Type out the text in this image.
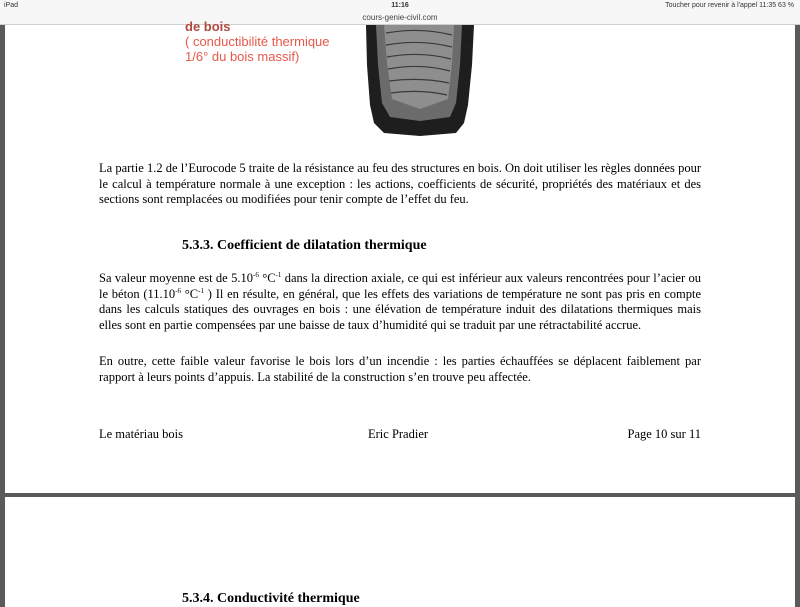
iPad	11:16	Toucher pour revenir à l'appel 11:35 63 %
cours-genie-civil.com
de bois
( conductibilité thermique
1/6° du bois massif)
La partie 1.2 de l’Eurocode 5 traite de la résistance au feu des structures en bois. On doit utiliser les règles données pour le calcul à température normale à une exception : les actions, coefficients de sécurité, propriétés des matériaux et des sections sont remplacées ou modifiées pour tenir compte de l’effet du feu.
5.3.3. Coefficient de dilatation thermique
Sa valeur moyenne est de $5.10^{-6}$ $^\circ C^{-1}$ dans la direction axiale, ce qui est inférieur aux valeurs rencontrées pour l’acier ou le béton ($11.10^{-6}$ $^\circ C^{-1}$ ) Il en résulte, en général, que les effets des variations de température ne sont pas pris en compte dans les calculs statiques des ouvrages en bois : une élévation de température induit des dilatations thermiques mais elles sont en partie compensées par une baisse de taux d’humidité qui se traduit par une rétractabilité accrue.
En outre, cette faible valeur favorise le bois lors d’un incendie : les parties échauffées se déplacent faiblement par rapport à leurs points d’appuis. La stabilité de la construction s’en trouve peu affectée.
Le matériau bois	Eric Pradier	Page 10 sur 11
5.3.4. Conductivité thermique
